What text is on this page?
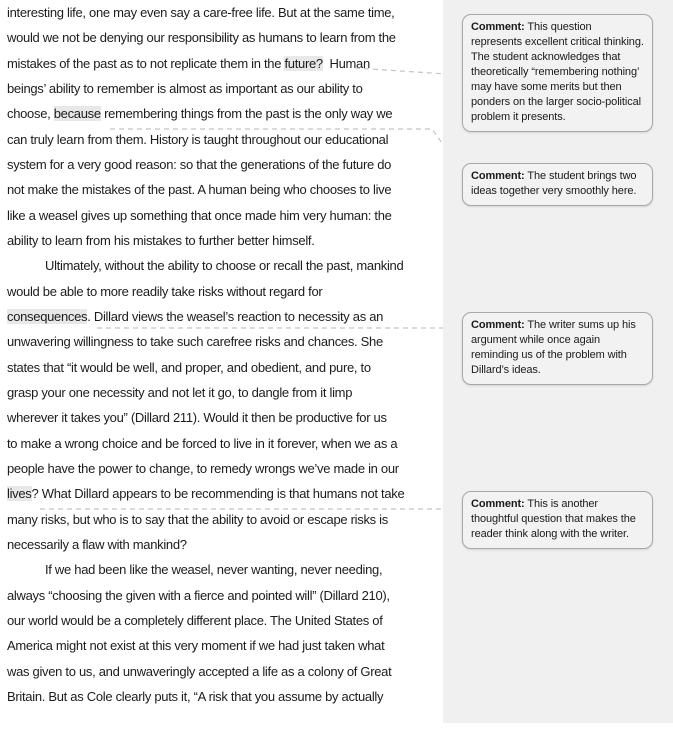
interesting life, one may even say a care-free life. But at the same time,
would we not be denying our responsibility as humans to learn from the
mistakes of the past as to not replicate them in the future?  Human
beings’ ability to remember is almost as important as our ability to
choose, because remembering things from the past is the only way we
can truly learn from them. History is taught throughout our educational
system for a very good reason: so that the generations of the future do
not make the mistakes of the past. A human being who chooses to live
like a weasel gives up something that once made him very human: the
ability to learn from his mistakes to further better himself.
Ultimately, without the ability to choose or recall the past, mankind
would be able to more readily take risks without regard for
consequences. Dillard views the weasel’s reaction to necessity as an
unwavering willingness to take such carefree risks and chances. She
states that “it would be well, and proper, and obedient, and pure, to
grasp your one necessity and not let it go, to dangle from it limp
wherever it takes you” (Dillard 211). Would it then be productive for us
to make a wrong choice and be forced to live in it forever, when we as a
people have the power to change, to remedy wrongs we’ve made in our
lives? What Dillard appears to be recommending is that humans not take
many risks, but who is to say that the ability to avoid or escape risks is
necessarily a flaw with mankind?
If we had been like the weasel, never wanting, never needing,
always “choosing the given with a fierce and pointed will” (Dillard 210),
our world would be a completely different place. The United States of
America might not exist at this very moment if we had just taken what
was given to us, and unwaveringly accepted a life as a colony of Great
Britain. But as Cole clearly puts it, “A risk that you assume by actually
Comment: This question represents excellent critical thinking. The student acknowledges that theoretically “remembering nothing’ may have some merits but then ponders on the larger socio-political problem it presents.
Comment: The student brings two ideas together very smoothly here.
Comment: The writer sums up his argument while once again reminding us of the problem with Dillard’s ideas.
Comment: This is another thoughtful question that makes the reader think along with the writer.
